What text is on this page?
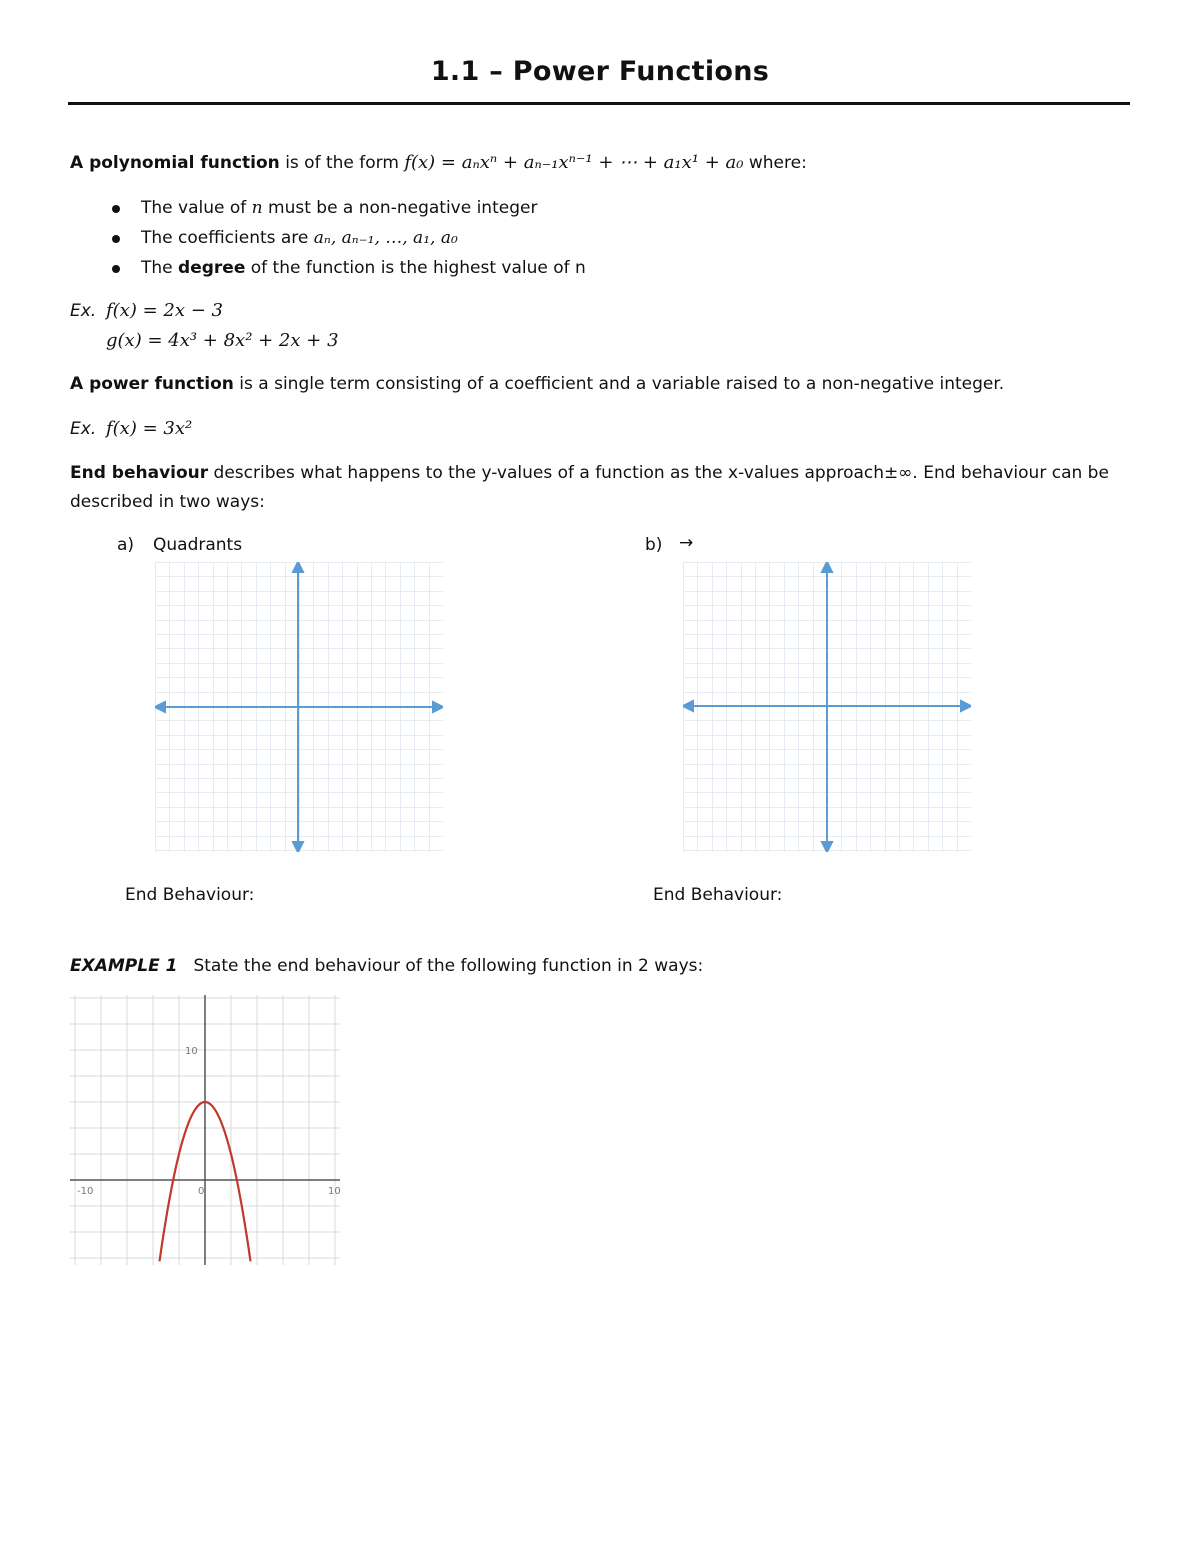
1.1 – Power Functions
A polynomial function is of the form f(x) = aₙxⁿ + aₙ₋₁xⁿ⁻¹ + ⋯ + a₁x¹ + a₀ where:
The value of n must be a non-negative integer
The coefficients are aₙ, aₙ₋₁, …, a₁, a₀
The degree of the function is the highest value of n
Ex. f(x) = 2x − 3
g(x) = 4x³ + 8x² + 2x + 3
A power function is a single term consisting of a coefficient and a variable raised to a non-negative integer.
Ex. f(x) = 3x²
End behaviour describes what happens to the y-values of a function as the x-values approach±∞. End behaviour can be
described in two ways:
a) Quadrants	b) →
End Behaviour:	End Behaviour:
EXAMPLE 1 State the end behaviour of the following function in 2 ways:
-10	0	10
10
